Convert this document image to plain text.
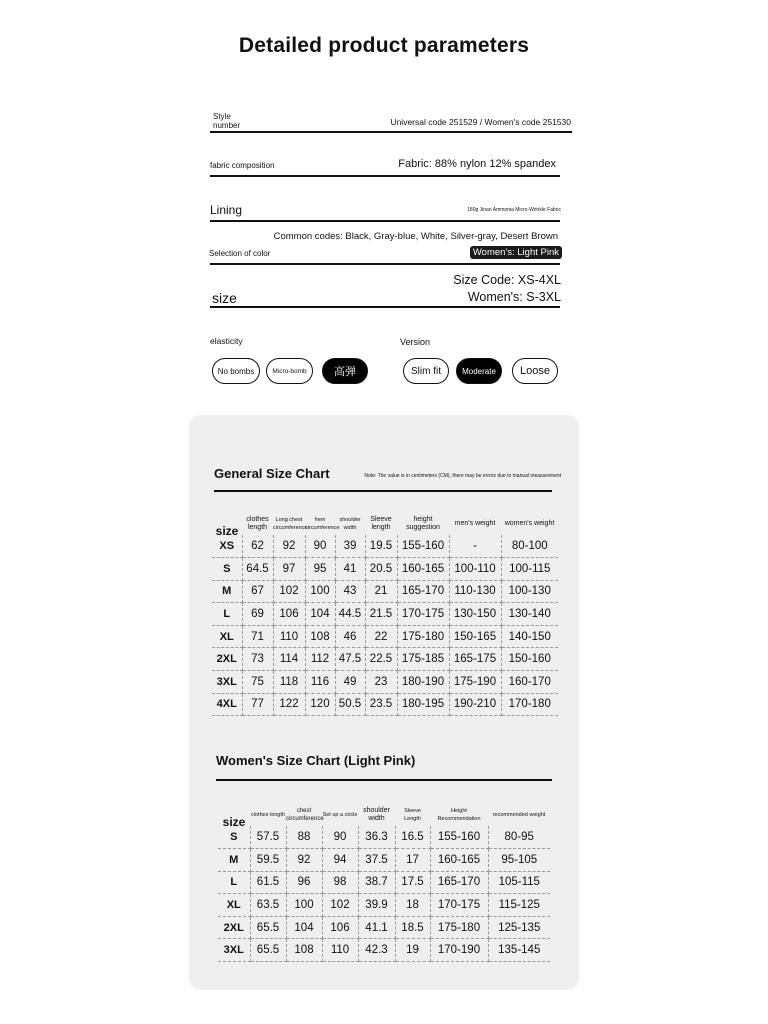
Detailed product parameters
Style number	Universal code 251529 / Women's code 251530
fabric composition	Fabric: 88% nylon 12% spandex
Lining	180g Jinan Ammonia Micro-Wrinkle Fabric
Common codes: Black, Gray-blue, White, Silver-gray, Desert Brown
Selection of color	Women's: Light Pink
Size Code: XS-4XL
size	Women's: S-3XL
elasticity	Version
No bombs	Micro-bomb	高弹	Slim fit	Moderate	Loose
General Size Chart	Note: The value is in centimeters (CM), there may be errors due to manual measurement
size	clothes length	Long chest circumference	hem circumference	shoulder width	Sleeve length	height suggestion	men's weight	women's weight
XS	62	92	90	39	19.5	155-160	-	80-100
S	64.5	97	95	41	20.5	160-165	100-110	100-115
M	67	102	100	43	21	165-170	110-130	100-130
L	69	106	104	44.5	21.5	170-175	130-150	130-140
XL	71	110	108	46	22	175-180	150-165	140-150
2XL	73	114	112	47.5	22.5	175-185	165-175	150-160
3XL	75	118	116	49	23	180-190	175-190	160-170
4XL	77	122	120	50.5	23.5	180-195	190-210	170-180
Women's Size Chart (Light Pink)
size	clothes length	chest circumference	Set up a circle	shoulder width	Sleeve Length	Height Recommendation	recommended weight
S	57.5	88	90	36.3	16.5	155-160	80-95
M	59.5	92	94	37.5	17	160-165	95-105
L	61.5	96	98	38.7	17.5	165-170	105-115
XL	63.5	100	102	39.9	18	170-175	115-125
2XL	65.5	104	106	41.1	18.5	175-180	125-135
3XL	65.5	108	110	42.3	19	170-190	135-145
